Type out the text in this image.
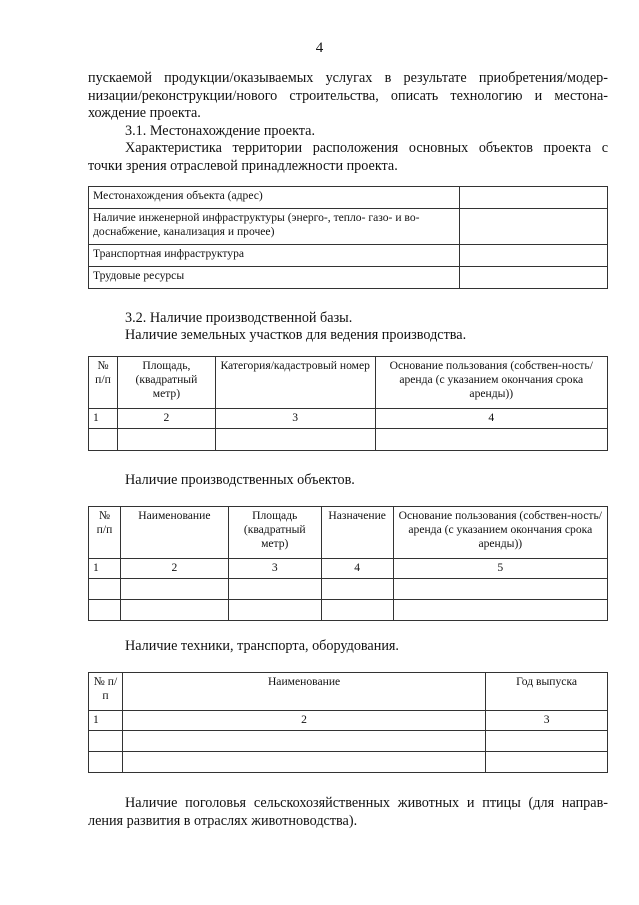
4
пускаемой продукции/оказываемых услугах в результате приобретения/модер-
низации/реконструкции/нового строительства, описать технологию и местона-
хождение проекта.
3.1. Местонахождение проекта.
Характеристика территории расположения основных объектов проекта с
точки зрения отраслевой принадлежности проекта.
Местонахождения объекта (адрес)	
Наличие инженерной инфраструктуры (энерго-, тепло- газо- и во-доснабжение, канализация и прочее)	
Транспортная инфраструктура	
Трудовые ресурсы	
3.2. Наличие производственной базы.
Наличие земельных участков для ведения производства.
№ п/п	Площадь, (квадратный метр)	Категория/кадастровый номер	Основание пользования (собствен-ность/аренда (с указанием окончания срока аренды))
1	2	3	4

Наличие производственных объектов.
№ п/п	Наименование	Площадь (квадратный метр)	Назначение	Основание пользования (собствен-ность/аренда (с указанием окончания срока аренды))
1	2	3	4	5

Наличие техники, транспорта, оборудования.
№ п/п	Наименование	Год выпуска
1	2	3

Наличие поголовья сельскохозяйственных животных и птицы (для направ-
ления развития в отраслях животноводства).
